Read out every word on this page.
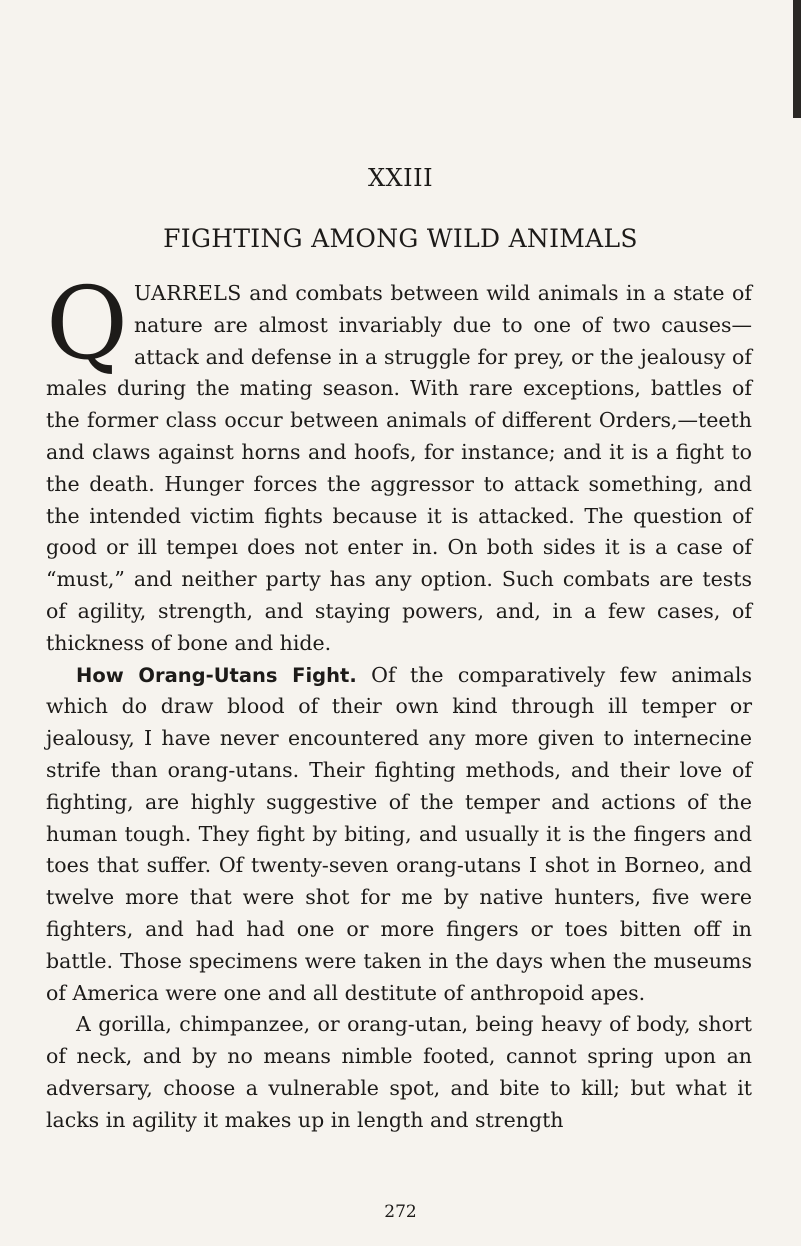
XXIII
FIGHTING AMONG WILD ANIMALS

QUARRELS and combats between wild animals in a state of nature are almost invariably due to one of two causes—attack and defense in a struggle for prey, or the jealousy of males during the mating season. With rare exceptions, battles of the former class occur between animals of different Orders,—teeth and claws against horns and hoofs, for instance; and it is a fight to the death. Hunger forces the aggressor to attack something, and the intended victim fights because it is attacked. The question of good or ill tempeı does not enter in. On both sides it is a case of “must,” and neither party has any option. Such combats are tests of agility, strength, and staying powers, and, in a few cases, of thickness of bone and hide.

How Orang-Utans Fight. Of the comparatively few animals which do draw blood of their own kind through ill temper or jealousy, I have never encountered any more given to internecine strife than orang-utans. Their fighting methods, and their love of fighting, are highly suggestive of the temper and actions of the human tough. They fight by biting, and usually it is the fingers and toes that suffer. Of twenty-seven orang-utans I shot in Borneo, and twelve more that were shot for me by native hunters, five were fighters, and had had one or more fingers or toes bitten off in battle. Those specimens were taken in the days when the museums of America were one and all destitute of anthropoid apes.

A gorilla, chimpanzee, or orang-utan, being heavy of body, short of neck, and by no means nimble footed, cannot spring upon an adversary, choose a vulnerable spot, and bite to kill; but what it lacks in agility it makes up in length and strength

272
